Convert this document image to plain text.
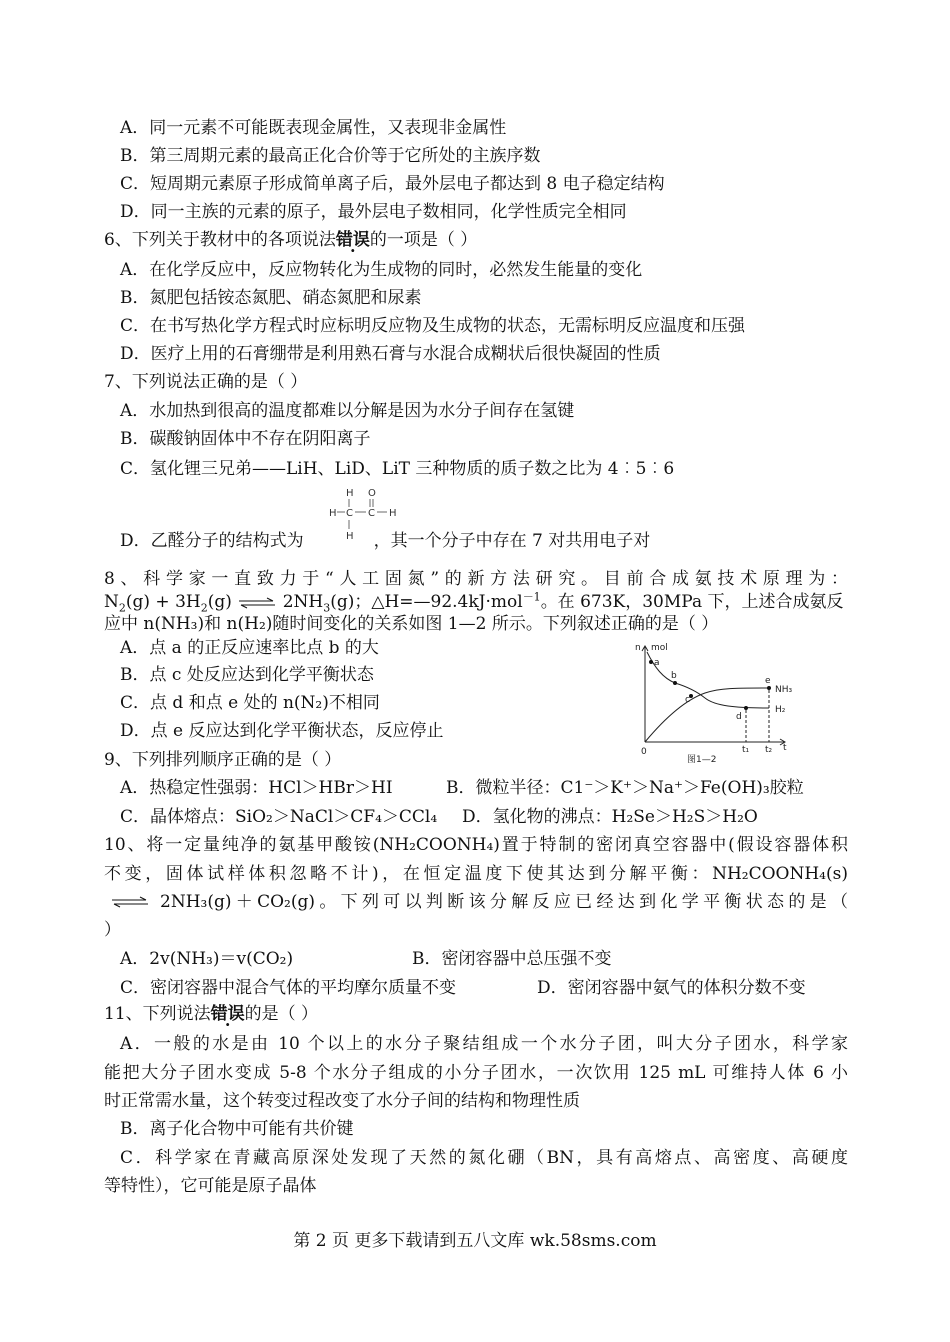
A．同一元素不可能既表现金属性，又表现非金属性
B．第三周期元素的最高正化合价等于它所处的主族序数
C．短周期元素原子形成简单离子后，最外层电子都达到 8 电子稳定结构
D．同一主族的元素的原子，最外层电子数相同，化学性质完全相同
6、下列关于教材中的各项说法错误的一项是（ ）
A．在化学反应中，反应物转化为生成物的同时，必然发生能量的变化
B．氮肥包括铵态氮肥、硝态氮肥和尿素
C．在书写热化学方程式时应标明反应物及生成物的状态，无需标明反应温度和压强
D．医疗上用的石膏绷带是利用熟石膏与水混合成糊状后很快凝固的性质
7、下列说法正确的是（ ）
A．水加热到很高的温度都难以分解是因为水分子间存在氢键
B．碳酸钠固体中不存在阴阳离子
C．氢化锂三兄弟——LiH、LiD、LiT 三种物质的质子数之比为 4︰5︰6
H
H C C H
H
O
D．乙醛分子的结构式为	，其一个分子中存在 7 对共用电子对
8、科学家一直致力于“人工固氮”的新方法研究。目前合成氨技术原理为：
$N_2(g) + 3H_2(g)$ ⇌ $2NH_3(g)$；△H=—92.4kJ·mol$^{-1}$。在 673K，30MPa 下，上述合成氨反
应中 n(NH₃)和 n(H₂)随时间变化的关系如图 1—2 所示。下列叙述正确的是（ ）
A．点 a 的正反应速率比点 b 的大
B．点 c 处反应达到化学平衡状态
C．点 d 和点 e 处的 n(N₂)不相同
D．点 e 反应达到化学平衡状态，反应停止
n mol
t
0
a
b
c
d
e
NH₃
H₂
t₁ t₂
图1—2
9、下列排列顺序正确的是（ ）
A．热稳定性强弱：HCl＞HBr＞HI	B．微粒半径：C1⁻＞K⁺＞Na⁺＞Fe(OH)₃胶粒
C．晶体熔点：SiO₂＞NaCl＞CF₄＞CCl₄ D．氢化物的沸点：H₂Se＞H₂S＞H₂O
10、将一定量纯净的氨基甲酸铵(NH₂COONH₄)置于特制的密闭真空容器中(假设容器体积
不变，固体试样体积忽略不计)，在恒定温度下使其达到分解平衡：NH₂COONH₄(s)
⇌ 2NH₃(g)＋CO₂(g)。下列可以判断该分解反应已经达到化学平衡状态的是（
）
A．2v(NH₃)＝v(CO₂)	B．密闭容器中总压强不变
C．密闭容器中混合气体的平均摩尔质量不变	D．密闭容器中氨气的体积分数不变
11、下列说法错误的是（ ）
A．一般的水是由 10 个以上的水分子聚结组成一个水分子团，叫大分子团水，科学家
能把大分子团水变成 5-8 个水分子组成的小分子团水，一次饮用 125 mL 可维持人体 6 小
时正常需水量，这个转变过程改变了水分子间的结构和物理性质
B．离子化合物中可能有共价键
C．科学家在青藏高原深处发现了天然的氮化硼（BN，具有高熔点、高密度、高硬度
等特性），它可能是原子晶体
第 2 页 更多下载请到五八文库 wk.58sms.com
